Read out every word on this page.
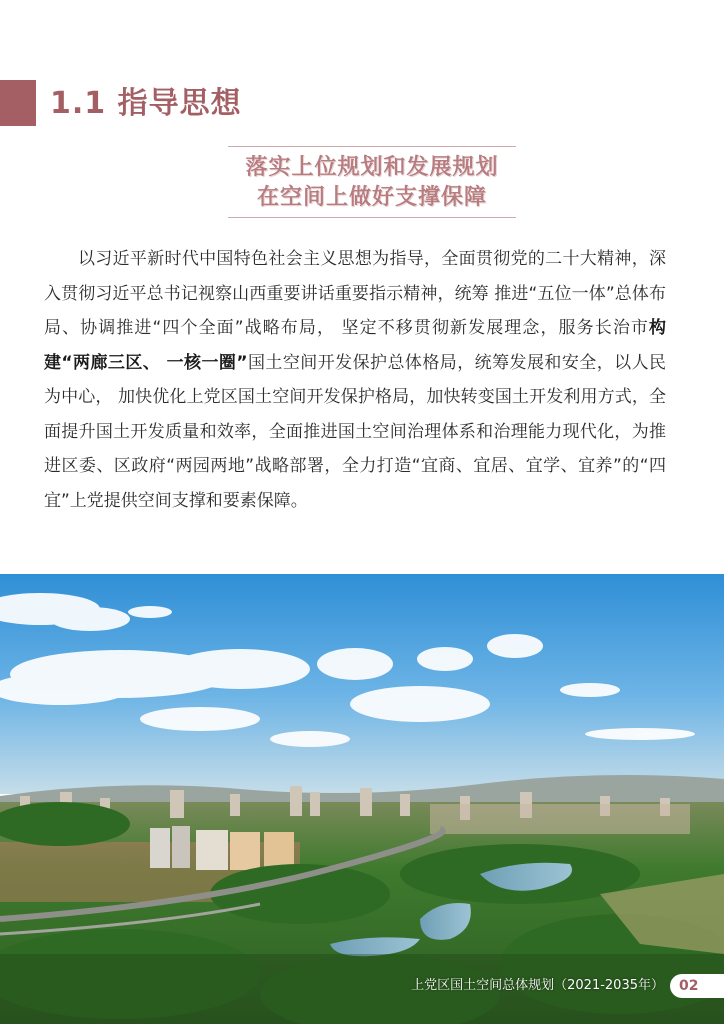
1.1 指导思想
落实上位规划和发展规划
在空间上做好支撑保障

以习近平新时代中国特色社会主义思想为指导，全面贯彻党的二十大精神，深入贯彻习近平总书记视察山西重要讲话重要指示精神，统筹 推进“五位一体”总体布局、协调推进“四个全面”战略布局， 坚定不移贯彻新发展理念，服务长治市构建“两廊三区、 一核一圈”国土空间开发保护总体格局，统筹发展和安全，以人民为中心， 加快优化上党区国土空间开发保护格局，加快转变国土开发利用方式，全面提升国土开发质量和效率，全面推进国土空间治理体系和治理能力现代化，为推进区委、区政府“两园两地”战略部署，全力打造“宜商、宜居、宜学、宜养”的“四宜”上党提供空间支撑和要素保障。

上党区国土空间总体规划（2021-2035年） 02
